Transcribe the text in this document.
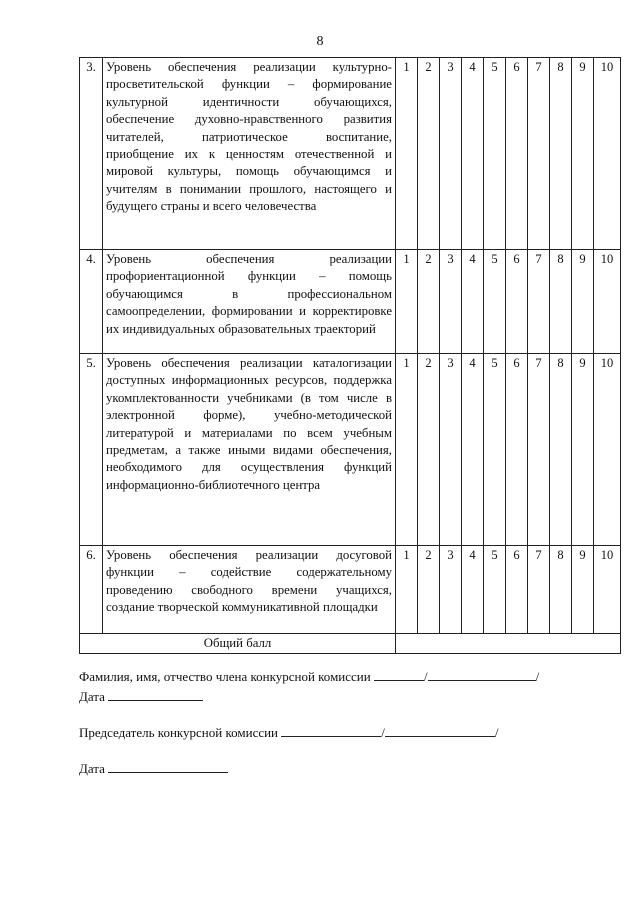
8
3.	Уровень обеспечения реализации культурно-просветительской функции – формирование культурной идентичности обучающихся, обеспечение духовно-нравственного развития читателей, патриотическое воспитание, приобщение их к ценностям отечественной и мировой культуры, помощь обучающимся и учителям в понимании прошлого, настоящего и будущего страны и всего человечества	1	2	3	4	5	6	7	8	9	10
4.	Уровень обеспечения реализации профориентационной функции – помощь обучающимся в профессиональном самоопределении, формировании и корректировке их индивидуальных образовательных траекторий	1	2	3	4	5	6	7	8	9	10
5.	Уровень обеспечения реализации каталогизации доступных информационных ресурсов, поддержка укомплектованности учебниками (в том числе в электронной форме), учебно-методической литературой и материалами по всем учебным предметам, а также иными видами обеспечения, необходимого для осуществления функций информационно-библиотечного центра	1	2	3	4	5	6	7	8	9	10
6.	Уровень обеспечения реализации досуговой функции – содействие содержательному проведению свободного времени учащихся, создание творческой коммуникативной площадки	1	2	3	4	5	6	7	8	9	10
Общий балл											
Фамилия, имя, отчество члена конкурсной комиссии	/	/
Дата
Председатель конкурсной комиссии	/	/
Дата
